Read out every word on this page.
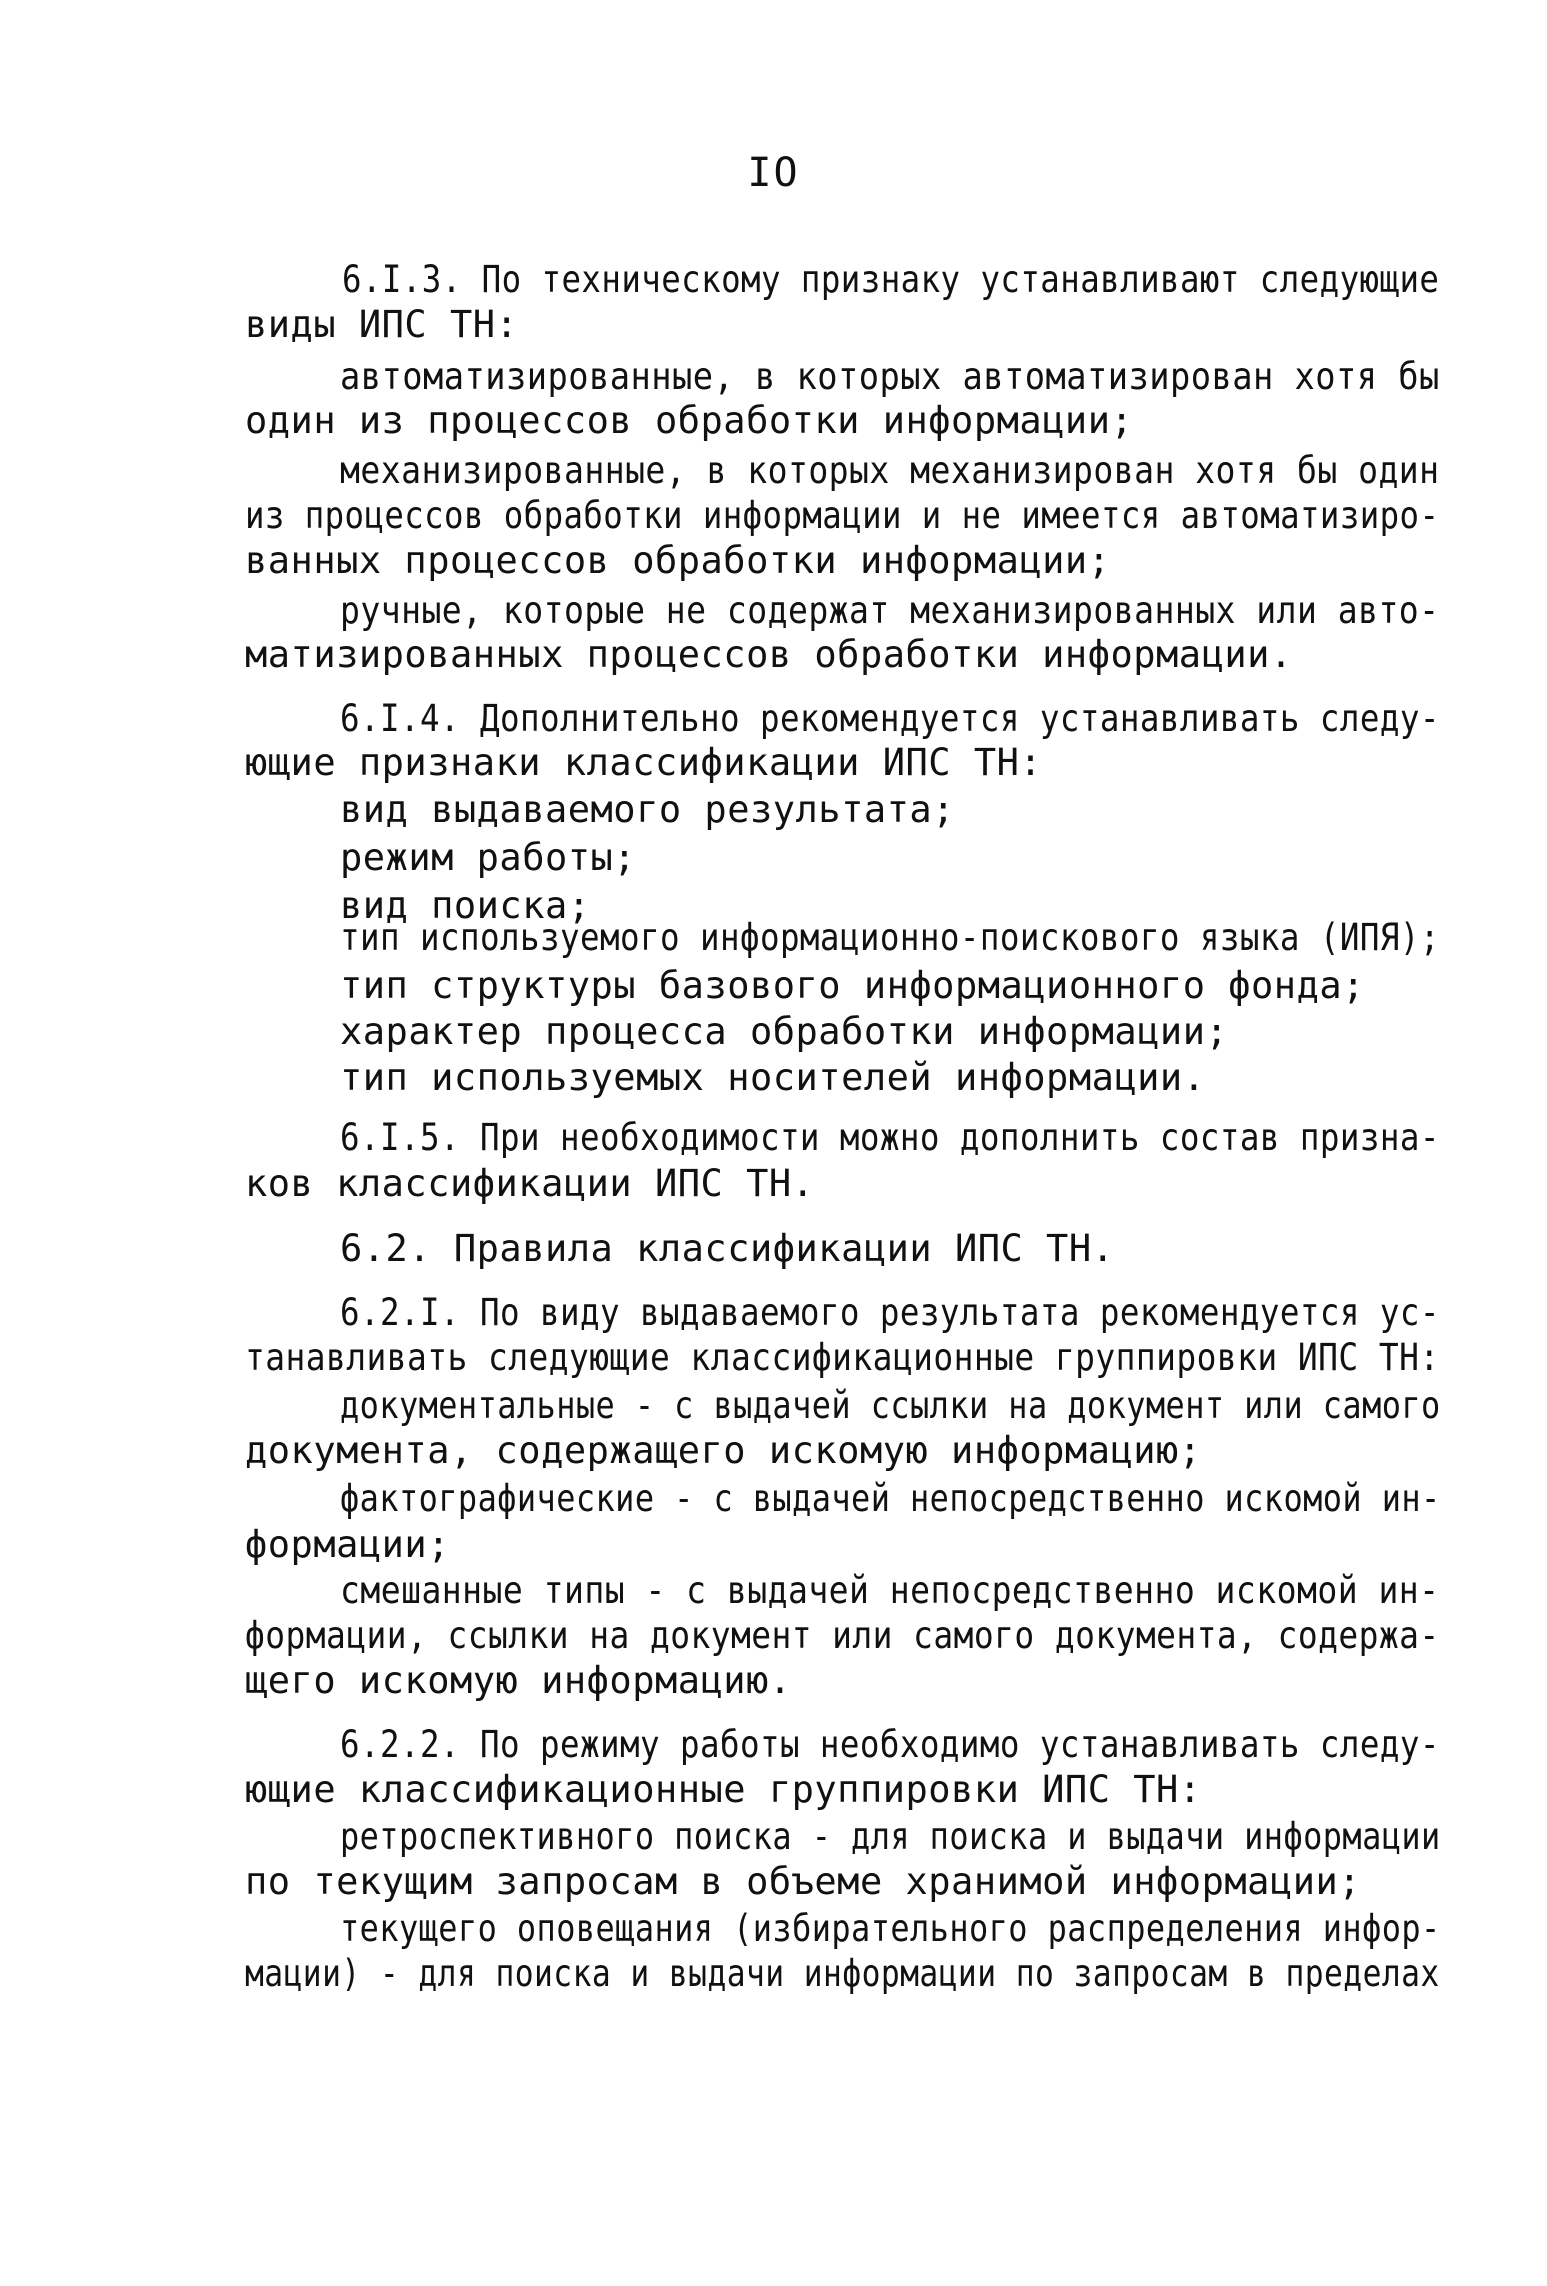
IO
6.I.3. По техническому признаку устанавливают следующие
виды ИПС ТН:
автоматизированные, в которых автоматизирован хотя бы
один из процессов обработки информации;
механизированные, в которых механизирован хотя бы один
из процессов обработки информации и не имеется автоматизиро-
ванных процессов обработки информации;
ручные, которые не содержат механизированных или авто-
матизированных процессов обработки информации.
6.I.4. Дополнительно рекомендуется устанавливать следу-
ющие признаки классификации ИПС ТН:
вид выдаваемого результата;
режим работы;
вид поиска;
тип используемого информационно-поискового языка (ИПЯ);
тип структуры базового информационного фонда;
характер процесса обработки информации;
тип используемых носителей информации.
6.I.5. При необходимости можно дополнить состав призна-
ков классификации ИПС ТН.
6.2. Правила классификации ИПС ТН.
6.2.I. По виду выдаваемого результата рекомендуется ус-
танавливать следующие классификационные группировки ИПС ТН:
документальные - с выдачей ссылки на документ или самого
документа, содержащего искомую информацию;
фактографические - с выдачей непосредственно искомой ин-
формации;
смешанные типы - с выдачей непосредственно искомой ин-
формации, ссылки на документ или самого документа, содержа-
щего искомую информацию.
6.2.2. По режиму работы необходимо устанавливать следу-
ющие классификационные группировки ИПС ТН:
ретроспективного поиска - для поиска и выдачи информации
по текущим запросам в объеме хранимой информации;
текущего оповещания (избирательного распределения инфор-
мации) - для поиска и выдачи информации по запросам в пределах
